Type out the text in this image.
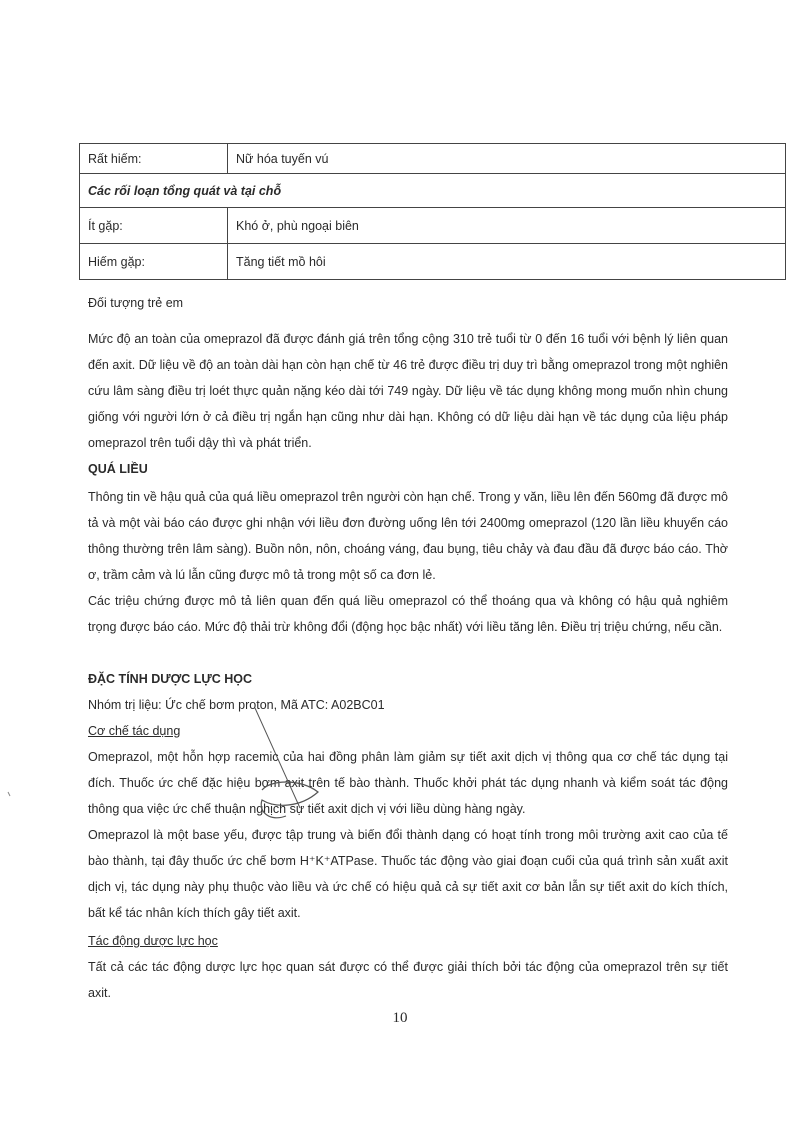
Rất hiếm:	Nữ hóa tuyến vú
Các rối loạn tổng quát và tại chỗ	
Ít gặp:	Khó ở, phù ngoại biên
Hiếm gặp:	Tăng tiết mồ hôi
Đối tượng trẻ em
Mức độ an toàn của omeprazol đã được đánh giá trên tổng cộng 310 trẻ tuổi từ 0 đến 16 tuổi với bệnh lý liên quan đến axit. Dữ liệu về độ an toàn dài hạn còn hạn chế từ 46 trẻ được điều trị duy trì bằng omeprazol trong một nghiên cứu lâm sàng điều trị loét thực quản nặng kéo dài tới 749 ngày. Dữ liệu về tác dụng không mong muốn nhìn chung giống với người lớn ở cả điều trị ngắn hạn cũng như dài hạn. Không có dữ liệu dài hạn về tác dụng của liệu pháp omeprazol trên tuổi dậy thì và phát triển.
QUÁ LIỀU
Thông tin về hậu quả của quá liều omeprazol trên người còn hạn chế. Trong y văn, liều lên đến 560mg đã được mô tả và một vài báo cáo được ghi nhận với liều đơn đường uống lên tới 2400mg omeprazol (120 lần liều khuyến cáo thông thường trên lâm sàng). Buồn nôn, nôn, choáng váng, đau bụng, tiêu chảy và đau đầu đã được báo cáo. Thờ ơ, trầm cảm và lú lẫn cũng được mô tả trong một số ca đơn lẻ.
Các triệu chứng được mô tả liên quan đến quá liều omeprazol có thể thoáng qua và không có hậu quả nghiêm trọng được báo cáo. Mức độ thải trừ không đổi (động học bậc nhất) với liều tăng lên. Điều trị triệu chứng, nếu cần.
ĐẶC TÍNH DƯỢC LỰC HỌC
Nhóm trị liệu: Ức chế bơm proton, Mã ATC: A02BC01
Cơ chế tác dụng
Omeprazol, một hỗn hợp racemic của hai đồng phân làm giảm sự tiết axit dịch vị thông qua cơ chế tác dụng tại đích. Thuốc ức chế đặc hiệu bơm axit trên tế bào thành. Thuốc khởi phát tác dụng nhanh và kiểm soát tác động thông qua việc ức chế thuận nghịch sự tiết axit dịch vị với liều dùng hàng ngày.
Omeprazol là một base yếu, được tập trung và biến đổi thành dạng có hoạt tính trong môi trường axit cao của tế bào thành, tại đây thuốc ức chế bơm H⁺K⁺ATPase. Thuốc tác động vào giai đoạn cuối của quá trình sản xuất axit dịch vị, tác dụng này phụ thuộc vào liều và ức chế có hiệu quả cả sự tiết axit cơ bản lẫn sự tiết axit do kích thích, bất kể tác nhân kích thích gây tiết axit.
Tác động dược lực học
Tất cả các tác động dược lực học quan sát được có thể được giải thích bởi tác động của omeprazol trên sự tiết axit.
10
